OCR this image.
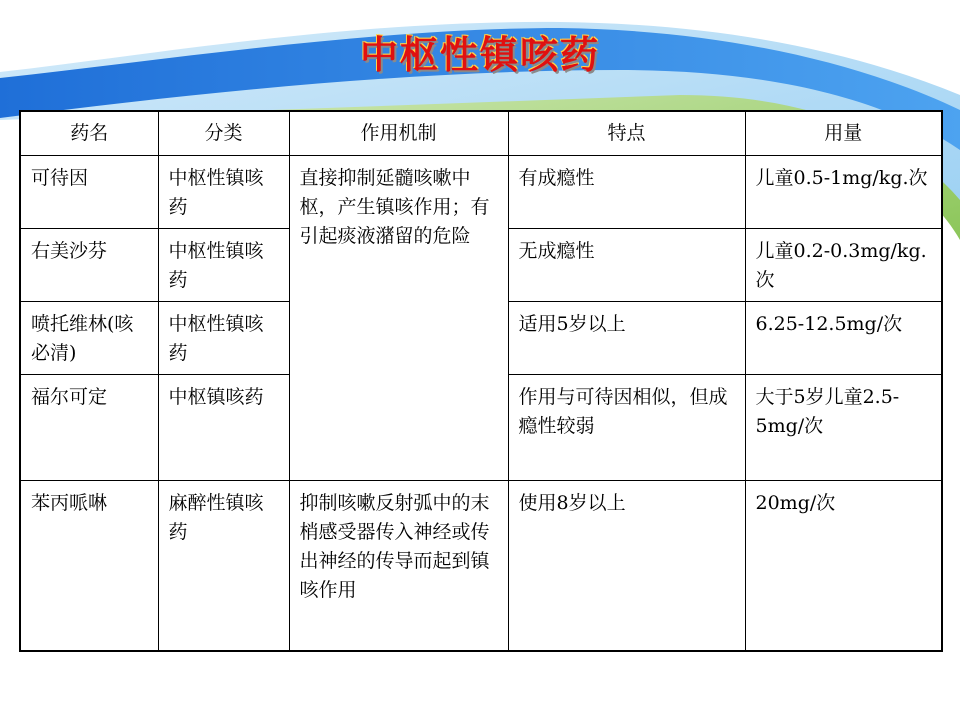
中枢性镇咳药
药名	分类	作用机制	特点	用量
可待因	中枢性镇咳药	直接抑制延髓咳嗽中枢，产生镇咳作用；有引起痰液潴留的危险	有成瘾性	儿童0.5-1mg/kg.次
右美沙芬	中枢性镇咳药		无成瘾性	儿童0.2-0.3mg/kg.次
喷托维林(咳必清)	中枢性镇咳药		适用5岁以上	6.25-12.5mg/次
福尔可定	中枢镇咳药		作用与可待因相似，但成瘾性较弱	大于5岁儿童2.5-5mg/次
苯丙哌啉	麻醉性镇咳药	抑制咳嗽反射弧中的末梢感受器传入神经或传出神经的传导而起到镇咳作用	使用8岁以上	20mg/次
